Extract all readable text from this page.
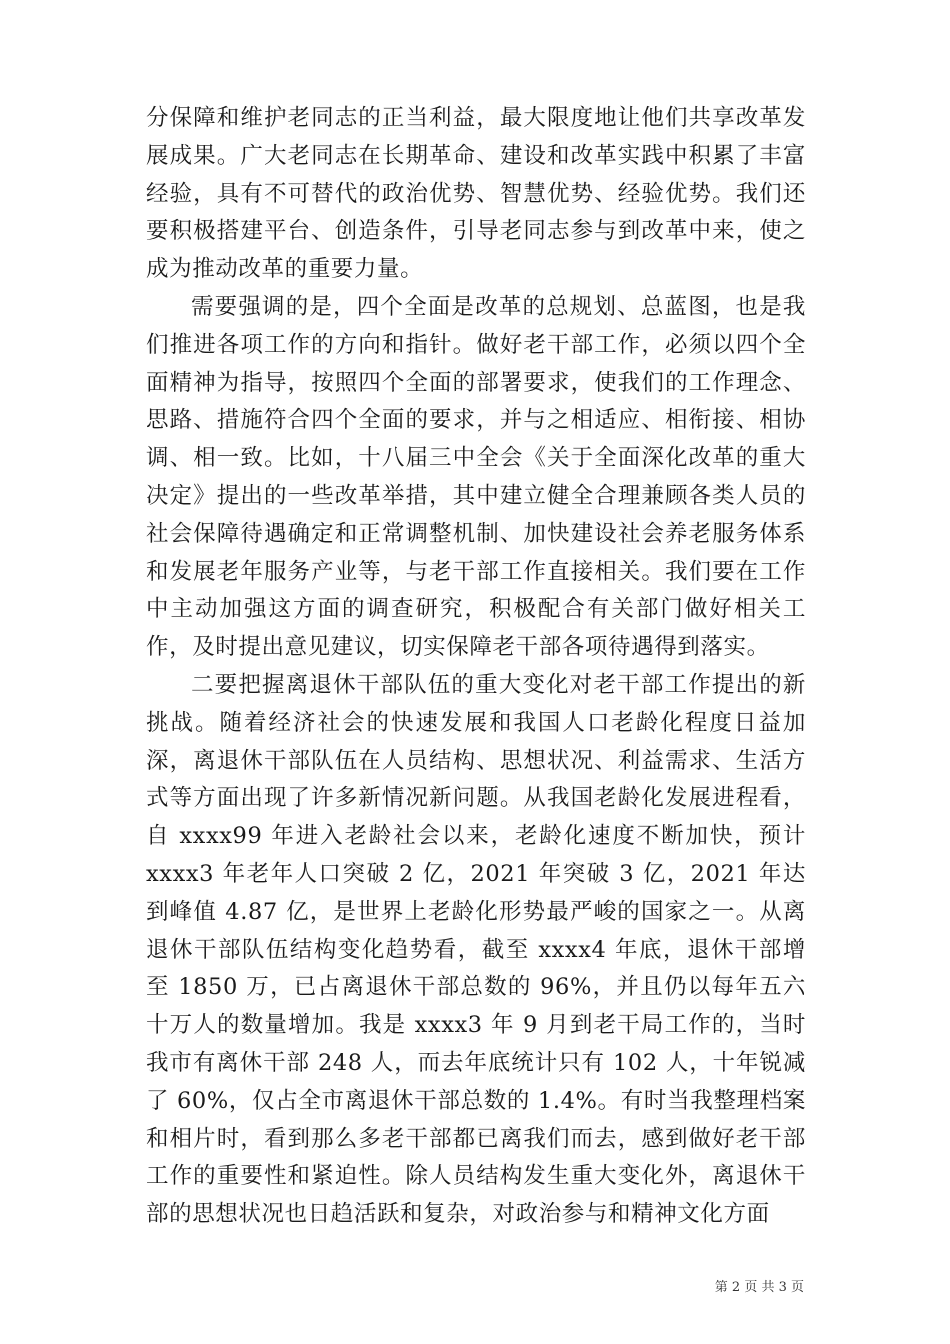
分保障和维护老同志的正当利益，最大限度地让他们共享改革发展成果。广大老同志在长期革命、建设和改革实践中积累了丰富经验，具有不可替代的政治优势、智慧优势、经验优势。我们还要积极搭建平台、创造条件，引导老同志参与到改革中来，使之成为推动改革的重要力量。

需要强调的是，四个全面是改革的总规划、总蓝图，也是我们推进各项工作的方向和指针。做好老干部工作，必须以四个全面精神为指导，按照四个全面的部署要求，使我们的工作理念、思路、措施符合四个全面的要求，并与之相适应、相衔接、相协调、相一致。比如，十八届三中全会《关于全面深化改革的重大决定》提出的一些改革举措，其中建立健全合理兼顾各类人员的社会保障待遇确定和正常调整机制、加快建设社会养老服务体系和发展老年服务产业等，与老干部工作直接相关。我们要在工作中主动加强这方面的调查研究，积极配合有关部门做好相关工作，及时提出意见建议，切实保障老干部各项待遇得到落实。

二要把握离退休干部队伍的重大变化对老干部工作提出的新挑战。随着经济社会的快速发展和我国人口老龄化程度日益加深，离退休干部队伍在人员结构、思想状况、利益需求、生活方式等方面出现了许多新情况新问题。从我国老龄化发展进程看，自 xxxx99 年进入老龄社会以来，老龄化速度不断加快，预计 xxxx3 年老年人口突破 2 亿，2021 年突破 3 亿，2021 年达到峰值 4.87 亿，是世界上老龄化形势最严峻的国家之一。从离退休干部队伍结构变化趋势看，截至 xxxx4 年底，退休干部增至 1850 万，已占离退休干部总数的 96%，并且仍以每年五六十万人的数量增加。我是 xxxx3 年 9 月到老干局工作的，当时我市有离休干部 248 人，而去年底统计只有 102 人，十年锐减了 60%，仅占全市离退休干部总数的 1.4%。有时当我整理档案和相片时，看到那么多老干部都已离我们而去，感到做好老干部工作的重要性和紧迫性。除人员结构发生重大变化外，离退休干部的思想状况也日趋活跃和复杂，对政治参与和精神文化方面

第 2 页 共 3 页
